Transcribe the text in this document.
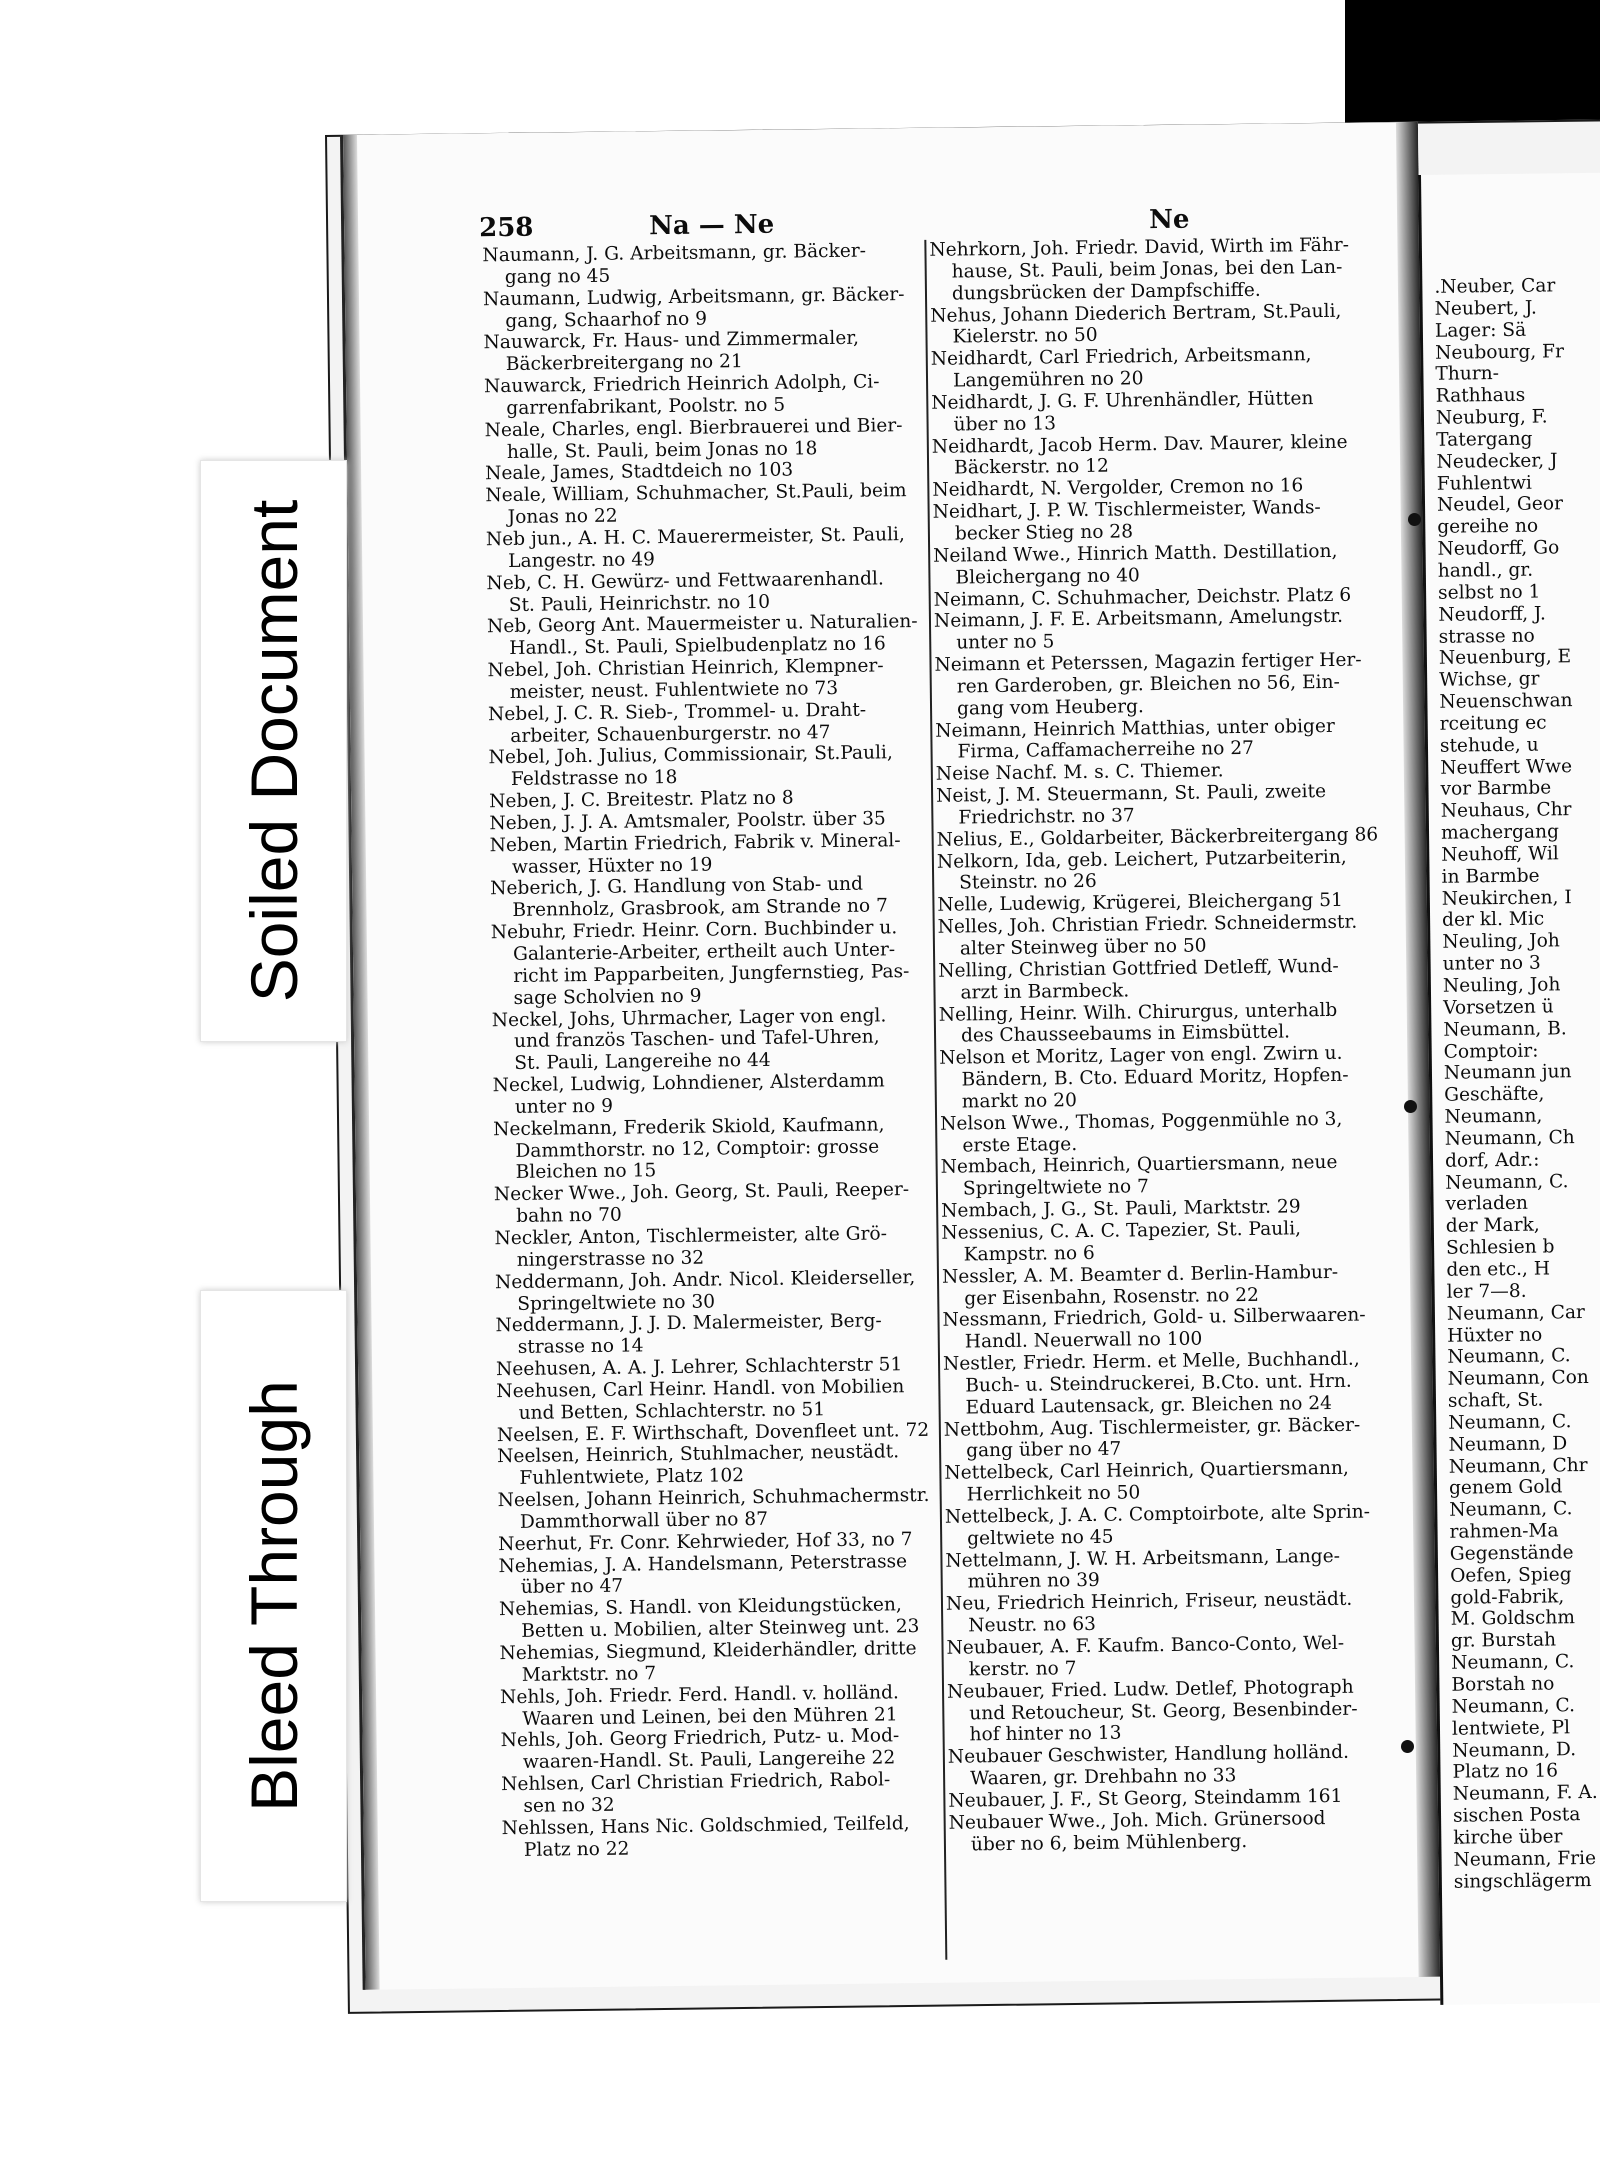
258	Na — Ne	Ne
Naumann, J. G. Arbeitsmann, gr. Bäcker-
gang no 45
Naumann, Ludwig, Arbeitsmann, gr. Bäcker-
gang, Schaarhof no 9
Nauwarck, Fr. Haus- und Zimmermaler,
Bäckerbreitergang no 21
Nauwarck, Friedrich Heinrich Adolph, Ci-
garrenfabrikant, Poolstr. no 5
Neale, Charles, engl. Bierbrauerei und Bier-
halle, St. Pauli, beim Jonas no 18
Neale, James, Stadtdeich no 103
Neale, William, Schuhmacher, St.Pauli, beim
Jonas no 22
Neb jun., A. H. C. Mauerermeister, St. Pauli,
Langestr. no 49
Neb, C. H. Gewürz- und Fettwaarenhandl.
St. Pauli, Heinrichstr. no 10
Neb, Georg Ant. Mauermeister u. Naturalien-
Handl., St. Pauli, Spielbudenplatz no 16
Nebel, Joh. Christian Heinrich, Klempner-
meister, neust. Fuhlentwiete no 73
Nebel, J. C. R. Sieb-, Trommel- u. Draht-
arbeiter, Schauenburgerstr. no 47
Nebel, Joh. Julius, Commissionair, St.Pauli,
Feldstrasse no 18
Neben, J. C. Breitestr. Platz no 8
Neben, J. J. A. Amtsmaler, Poolstr. über 35
Neben, Martin Friedrich, Fabrik v. Mineral-
wasser, Hüxter no 19
Neberich, J. G. Handlung von Stab- und
Brennholz, Grasbrook, am Strande no 7
Nebuhr, Friedr. Heinr. Corn. Buchbinder u.
Galanterie-Arbeiter, ertheilt auch Unter-
richt im Papparbeiten, Jungfernstieg, Pas-
sage Scholvien no 9
Neckel, Johs, Uhrmacher, Lager von engl.
und französ Taschen- und Tafel-Uhren,
St. Pauli, Langereihe no 44
Neckel, Ludwig, Lohndiener, Alsterdamm
unter no 9
Neckelmann, Frederik Skiold, Kaufmann,
Dammthorstr. no 12, Comptoir: grosse
Bleichen no 15
Necker Wwe., Joh. Georg, St. Pauli, Reeper-
bahn no 70
Neckler, Anton, Tischlermeister, alte Grö-
ningerstrasse no 32
Neddermann, Joh. Andr. Nicol. Kleiderseller,
Springeltwiete no 30
Neddermann, J. J. D. Malermeister, Berg-
strasse no 14
Neehusen, A. A. J. Lehrer, Schlachterstr 51
Neehusen, Carl Heinr. Handl. von Mobilien
und Betten, Schlachterstr. no 51
Neelsen, E. F. Wirthschaft, Dovenfleet unt. 72
Neelsen, Heinrich, Stuhlmacher, neustädt.
Fuhlentwiete, Platz 102
Neelsen, Johann Heinrich, Schuhmachermstr.
Dammthorwall über no 87
Neerhut, Fr. Conr. Kehrwieder, Hof 33, no 7
Nehemias, J. A. Handelsmann, Peterstrasse
über no 47
Nehemias, S. Handl. von Kleidungstücken,
Betten u. Mobilien, alter Steinweg unt. 23
Nehemias, Siegmund, Kleiderhändler, dritte
Marktstr. no 7
Nehls, Joh. Friedr. Ferd. Handl. v. holländ.
Waaren und Leinen, bei den Mühren 21
Nehls, Joh. Georg Friedrich, Putz- u. Mod-
waaren-Handl. St. Pauli, Langereihe 22
Nehlsen, Carl Christian Friedrich, Rabol-
sen no 32
Nehlssen, Hans Nic. Goldschmied, Teilfeld,
Platz no 22
Nehrkorn, Joh. Friedr. David, Wirth im Fähr-
hause, St. Pauli, beim Jonas, bei den Lan-
dungsbrücken der Dampfschiffe.
Nehus, Johann Diederich Bertram, St.Pauli,
Kielerstr. no 50
Neidhardt, Carl Friedrich, Arbeitsmann,
Langemühren no 20
Neidhardt, J. G. F. Uhrenhändler, Hütten
über no 13
Neidhardt, Jacob Herm. Dav. Maurer, kleine
Bäckerstr. no 12
Neidhardt, N. Vergolder, Cremon no 16
Neidhart, J. P. W. Tischlermeister, Wands-
becker Stieg no 28
Neiland Wwe., Hinrich Matth. Destillation,
Bleichergang no 40
Neimann, C. Schuhmacher, Deichstr. Platz 6
Neimann, J. F. E. Arbeitsmann, Amelungstr.
unter no 5
Neimann et Peterssen, Magazin fertiger Her-
ren Garderoben, gr. Bleichen no 56, Ein-
gang vom Heuberg.
Neimann, Heinrich Matthias, unter obiger
Firma, Caffamacherreihe no 27
Neise Nachf. M. s. C. Thiemer.
Neist, J. M. Steuermann, St. Pauli, zweite
Friedrichstr. no 37
Nelius, E., Goldarbeiter, Bäckerbreitergang 86
Nelkorn, Ida, geb. Leichert, Putzarbeiterin,
Steinstr. no 26
Nelle, Ludewig, Krügerei, Bleichergang 51
Nelles, Joh. Christian Friedr. Schneidermstr.
alter Steinweg über no 50
Nelling, Christian Gottfried Detleff, Wund-
arzt in Barmbeck.
Nelling, Heinr. Wilh. Chirurgus, unterhalb
des Chausseebaums in Eimsbüttel.
Nelson et Moritz, Lager von engl. Zwirn u.
Bändern, B. Cto. Eduard Moritz, Hopfen-
markt no 20
Nelson Wwe., Thomas, Poggenmühle no 3,
erste Etage.
Nembach, Heinrich, Quartiersmann, neue
Springeltwiete no 7
Nembach, J. G., St. Pauli, Marktstr. 29
Nessenius, C. A. C. Tapezier, St. Pauli,
Kampstr. no 6
Nessler, A. M. Beamter d. Berlin-Hambur-
ger Eisenbahn, Rosenstr. no 22
Nessmann, Friedrich, Gold- u. Silberwaaren-
Handl. Neuerwall no 100
Nestler, Friedr. Herm. et Melle, Buchhandl.,
Buch- u. Steindruckerei, B.Cto. unt. Hrn.
Eduard Lautensack, gr. Bleichen no 24
Nettbohm, Aug. Tischlermeister, gr. Bäcker-
gang über no 47
Nettelbeck, Carl Heinrich, Quartiersmann,
Herrlichkeit no 50
Nettelbeck, J. A. C. Comptoirbote, alte Sprin-
geltwiete no 45
Nettelmann, J. W. H. Arbeitsmann, Lange-
mühren no 39
Neu, Friedrich Heinrich, Friseur, neustädt.
Neustr. no 63
Neubauer, A. F. Kaufm. Banco-Conto, Wel-
kerstr. no 7
Neubauer, Fried. Ludw. Detlef, Photograph
und Retoucheur, St. Georg, Besenbinder-
hof hinter no 13
Neubauer Geschwister, Handlung holländ.
Waaren, gr. Drehbahn no 33
Neubauer, J. F., St Georg, Steindamm 161
Neubauer Wwe., Joh. Mich. Grünersood
über no 6, beim Mühlenberg.
.Neuber, Car
Neubert, J.
Lager: Sä
Neubourg, Fr
Thurn-
Rathhaus
Neuburg, F.
Tatergang
Neudecker, J
Fuhlentwi
Neudel, Geor
gereihe no
Neudorff, Go
handl., gr.
selbst no 1
Neudorff, J.
strasse no
Neuenburg, E
Wichse, gr
Neuenschwan
rceitung ec
stehude, u
Neuffert Wwe
vor Barmbe
Neuhaus, Chr
machergang
Neuhoff, Wil
in Barmbe
Neukirchen, I
der kl. Mic
Neuling, Joh
unter no 3
Neuling, Joh
Vorsetzen ü
Neumann, B.
Comptoir:
Neumann jun
Geschäfte,
Neumann,
Neumann, Ch
dorf, Adr.:
Neumann, C.
verladen
der Mark,
Schlesien b
den etc., H
ler 7—8.
Neumann, Car
Hüxter no
Neumann, C.
Neumann, Con
schaft, St.
Neumann, C.
Neumann, D
Neumann, Chr
genem Gold
Neumann, C.
rahmen-Ma
Gegenstände
Oefen, Spieg
gold-Fabrik,
M. Goldschm
gr. Burstah
Neumann, C.
Borstah no
Neumann, C.
lentwiete, Pl
Neumann, D.
Platz no 16
Neumann, F. A.
sischen Posta
kirche über
Neumann, Frie
singschlägerm
Soiled Document
Bleed Through
